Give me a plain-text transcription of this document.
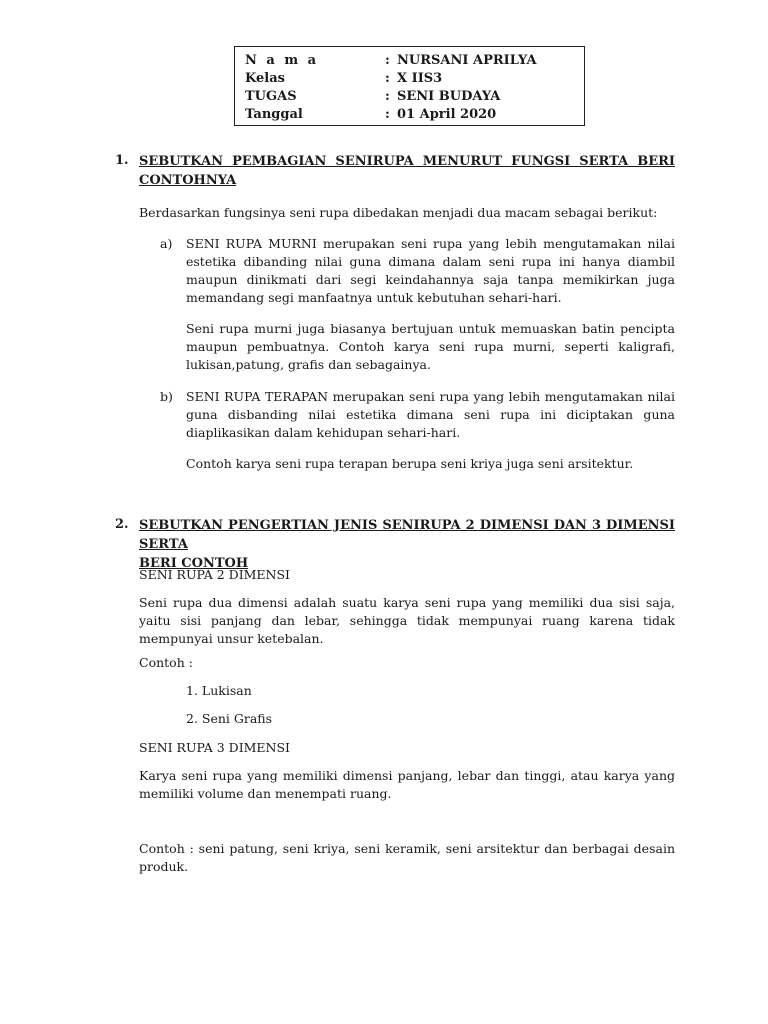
N a m a	: NURSANI APRILYA
Kelas	: X IIS3
TUGAS	: SENI BUDAYA
Tanggal	: 01 April 2020
1. SEBUTKAN PEMBAGIAN SENIRUPA MENURUT FUNGSI SERTA BERI
CONTOHNYA
Berdasarkan fungsinya seni rupa dibedakan menjadi dua macam sebagai berikut:
a) SENI RUPA MURNI merupakan seni rupa yang lebih mengutamakan nilai estetika dibanding nilai guna dimana dalam seni rupa ini hanya diambil maupun dinikmati dari segi keindahannya saja tanpa memikirkan juga memandang segi manfaatnya untuk kebutuhan sehari-hari.
Seni rupa murni juga biasanya bertujuan untuk memuaskan batin pencipta maupun pembuatnya. Contoh karya seni rupa murni, seperti kaligrafi, lukisan,patung, grafis dan sebagainya.
b) SENI RUPA TERAPAN merupakan seni rupa yang lebih mengutamakan nilai guna disbanding nilai estetika dimana seni rupa ini diciptakan guna diaplikasikan dalam kehidupan sehari-hari.
Contoh karya seni rupa terapan berupa seni kriya juga seni arsitektur.
2. SEBUTKAN PENGERTIAN JENIS SENIRUPA 2 DIMENSI DAN 3 DIMENSI SERTA
BERI CONTOH
SENI RUPA 2 DIMENSI
Seni rupa dua dimensi adalah suatu karya seni rupa yang memiliki dua sisi saja, yaitu sisi panjang dan lebar, sehingga tidak mempunyai ruang karena tidak mempunyai unsur ketebalan.
Contoh :
1. Lukisan
2. Seni Grafis
SENI RUPA 3 DIMENSI
Karya seni rupa yang memiliki dimensi panjang, lebar dan tinggi, atau karya yang memiliki volume dan menempati ruang.
Contoh : seni patung, seni kriya, seni keramik, seni arsitektur dan berbagai desain produk.
